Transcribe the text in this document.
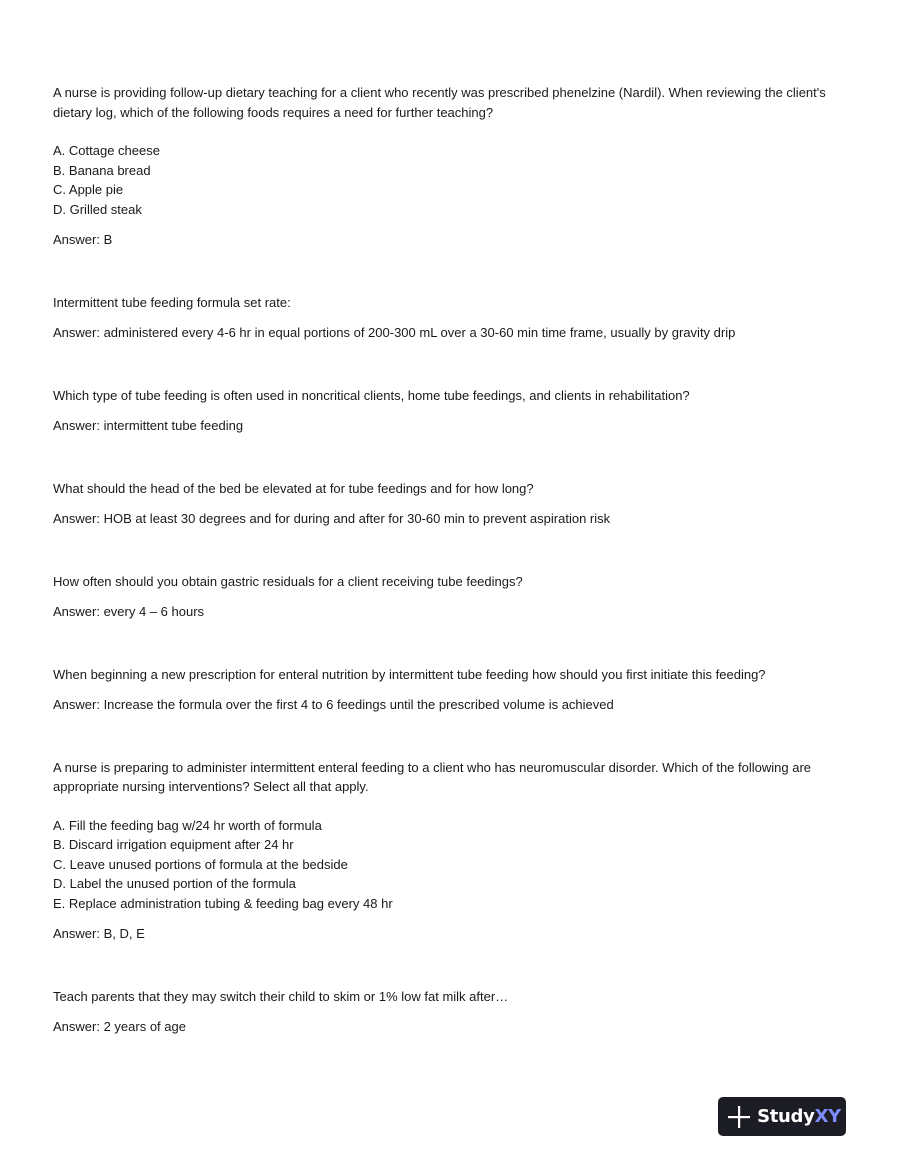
A nurse is providing follow-up dietary teaching for a client who recently was prescribed phenelzine (Nardil). When reviewing the client's dietary log, which of the following foods requires a need for further teaching?

A. Cottage cheese

B. Banana bread

C. Apple pie

D. Grilled steak

Answer: B

Intermittent tube feeding formula set rate:

Answer: administered every 4-6 hr in equal portions of 200-300 mL over a 30-60 min time frame, usually by gravity drip

Which type of tube feeding is often used in noncritical clients, home tube feedings, and clients in rehabilitation?

Answer: intermittent tube feeding

What should the head of the bed be elevated at for tube feedings and for how long?

Answer: HOB at least 30 degrees and for during and after for 30-60 min to prevent aspiration risk

How often should you obtain gastric residuals for a client receiving tube feedings?

Answer: every 4 – 6 hours

When beginning a new prescription for enteral nutrition by intermittent tube feeding how should you first initiate this feeding?

Answer: Increase the formula over the first 4 to 6 feedings until the prescribed volume is achieved

A nurse is preparing to administer intermittent enteral feeding to a client who has neuromuscular disorder. Which of the following are appropriate nursing interventions? Select all that apply.

A. Fill the feeding bag w/24 hr worth of formula

B. Discard irrigation equipment after 24 hr

C. Leave unused portions of formula at the bedside

D. Label the unused portion of the formula

E. Replace administration tubing & feeding bag every 48 hr

Answer: B, D, E

Teach parents that they may switch their child to skim or 1% low fat milk after…

Answer: 2 years of age

StudyXY
